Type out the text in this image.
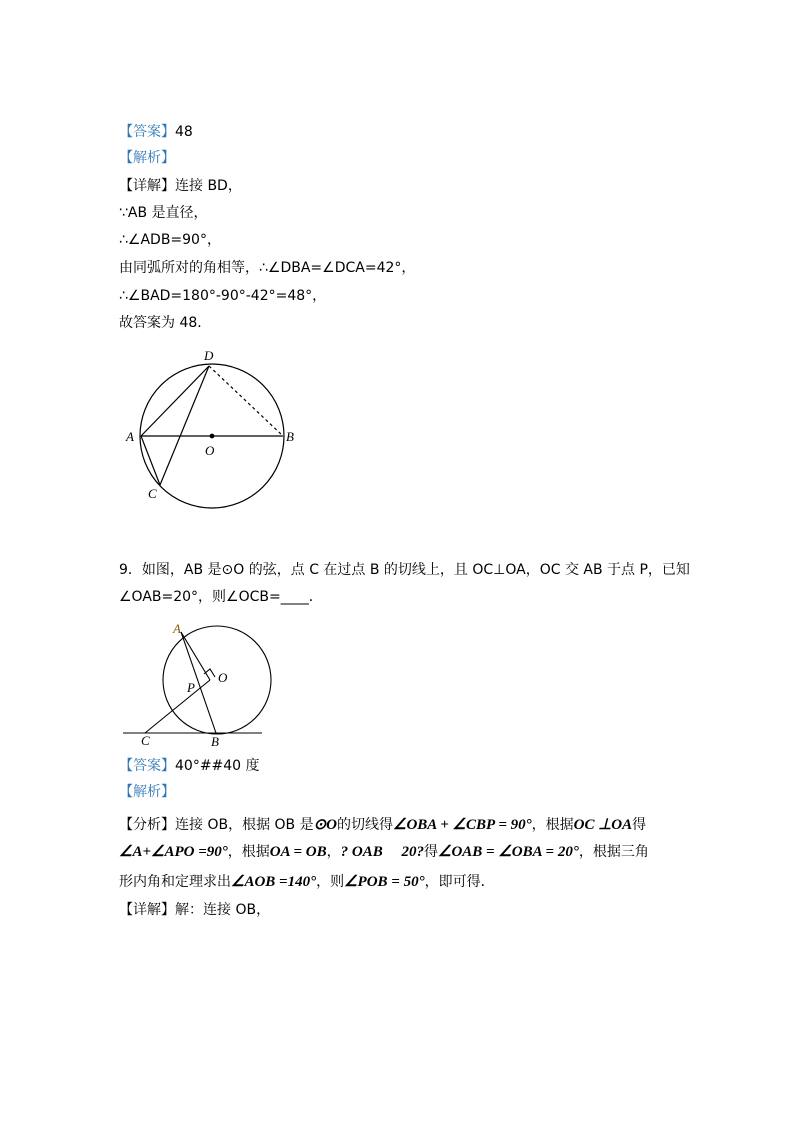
【答案】48
【解析】
【详解】连接 BD，
∵AB 是直径，
∴∠ADB=90°，
由同弧所对的角相等，∴∠DBA=∠DCA=42°，
∴∠BAD=180°-90°-42°=48°，
故答案为 48．
D
A
O
B
C
A
O
P
C	B
9．如图，AB 是⊙O 的弦，点 C 在过点 B 的切线上，且 OC⊥OA，OC 交 AB 于点 P，已知
∠OAB=20°，则∠OCB=____．
【答案】40°##40 度
【解析】
【分析】连接 OB，根据 OB 是⊙O的切线得∠OBA + ∠CBP = 90°，根据OC ⊥OA得
∠A+∠APO =90°，根据OA = OB，? OAB　 20?得∠OAB = ∠OBA = 20°，根据三角
形内角和定理求出∠AOB =140°，则∠POB = 50°，即可得．
【详解】解：连接 OB，
